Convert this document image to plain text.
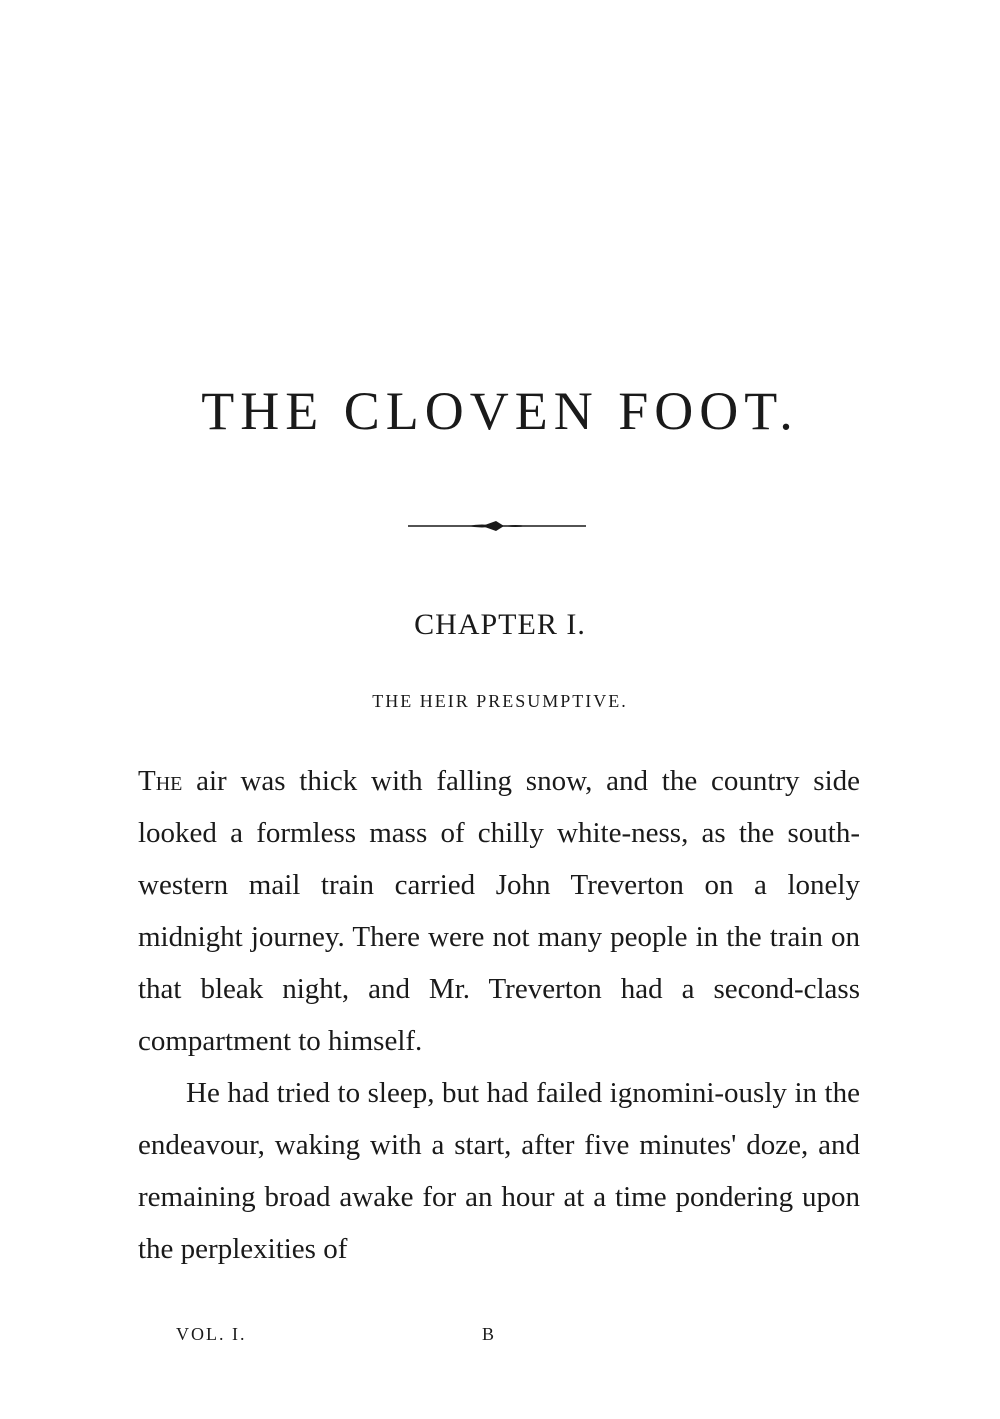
THE CLOVEN FOOT.
CHAPTER I.
THE HEIR PRESUMPTIVE.

The air was thick with falling snow, and the country side looked a formless mass of chilly white-ness, as the south-western mail train carried John Treverton on a lonely midnight journey. There were not many people in the train on that bleak night, and Mr. Treverton had a second-class compartment to himself.

He had tried to sleep, but had failed ignomini-ously in the endeavour, waking with a start, after five minutes' doze, and remaining broad awake for an hour at a time pondering upon the perplexities of

VOL. I.	B
